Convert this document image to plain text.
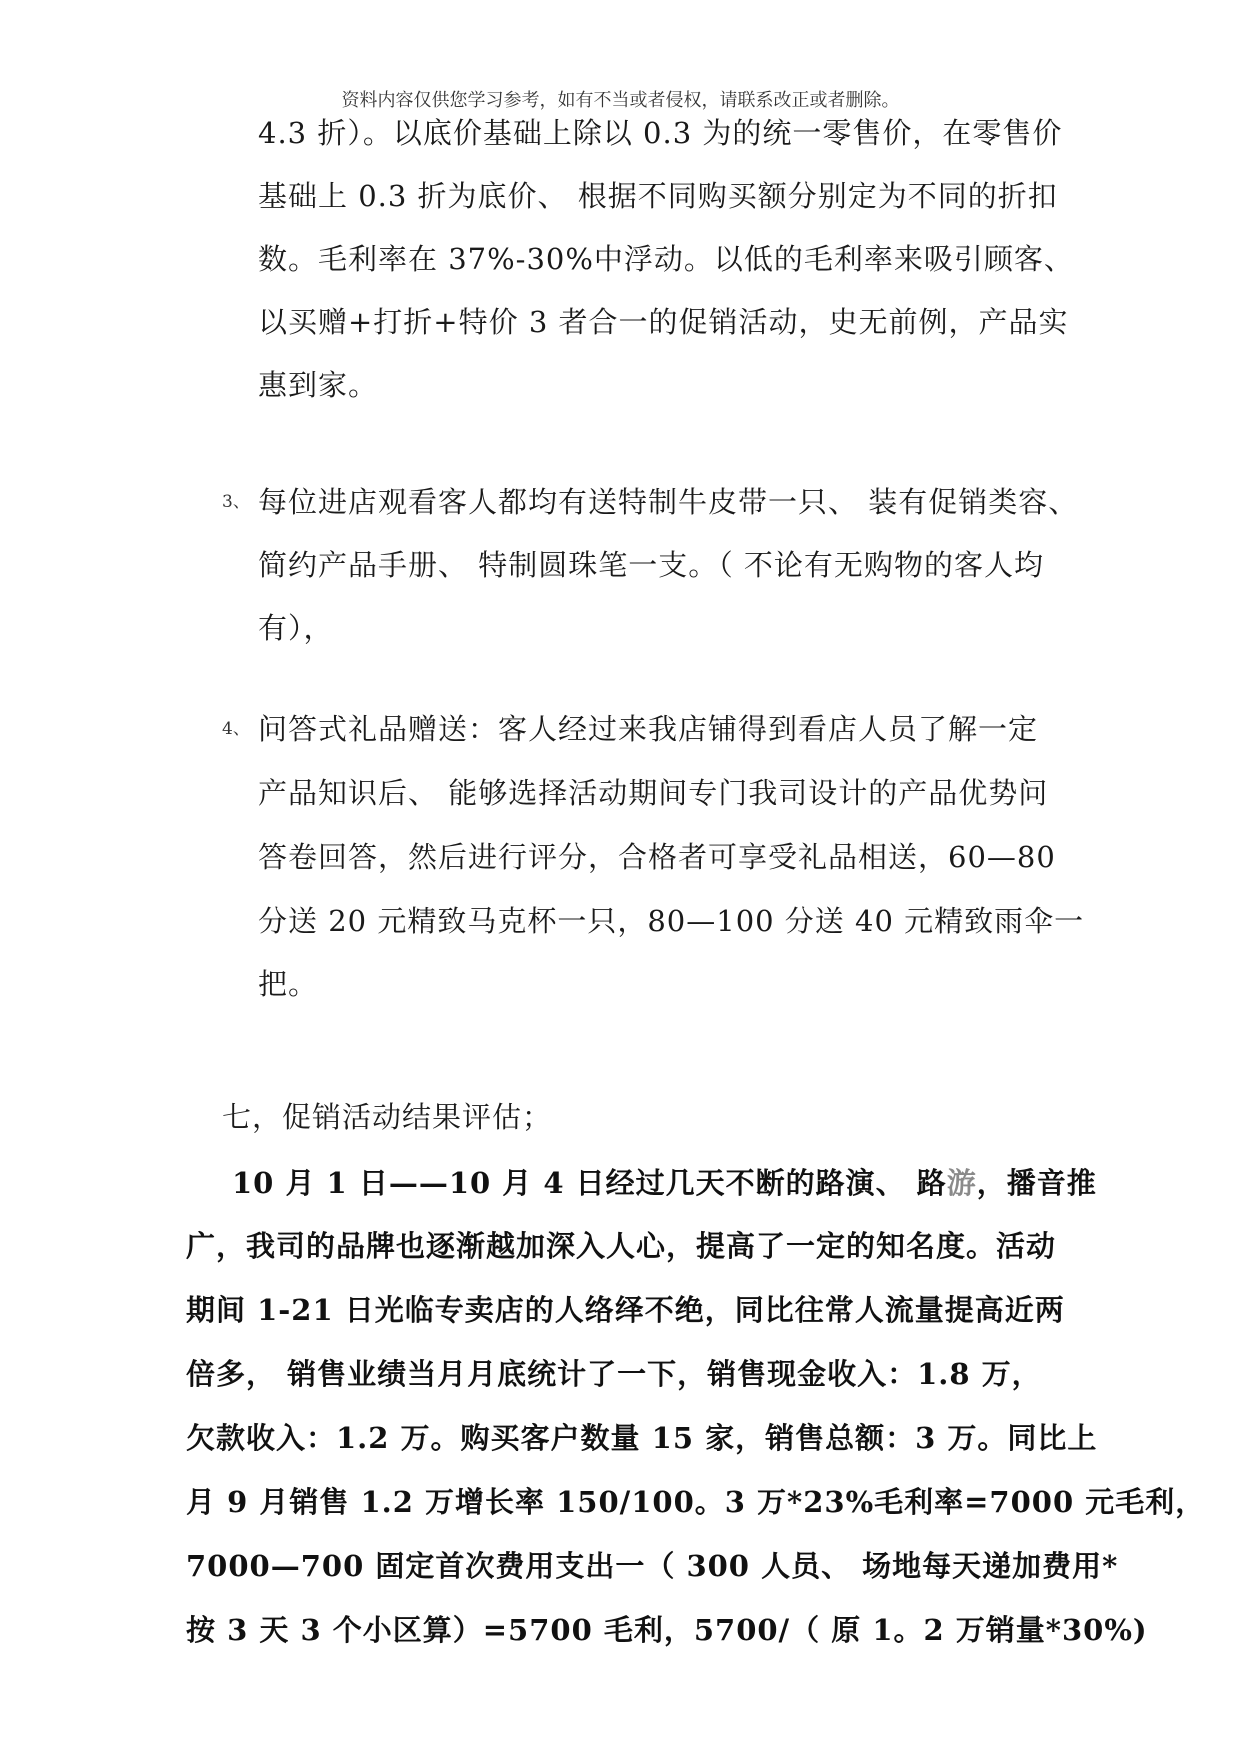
资料内容仅供您学习参考，如有不当或者侵权，请联系改正或者删除。
4.3 折）。以底价基础上除以 0.3 为的统一零售价，在零售价
基础上 0.3 折为底价、 根据不同购买额分别定为不同的折扣
数。毛利率在 37%-30%中浮动。以低的毛利率来吸引顾客、
以买赠+打折+特价 3 者合一的促销活动，史无前例，产品实
惠到家。
3、 每位进店观看客人都均有送特制牛皮带一只、 装有促销类容、
简约产品手册、 特制圆珠笔一支。（ 不论有无购物的客人均
有），
4、 问答式礼品赠送：客人经过来我店铺得到看店人员了解一定
产品知识后、 能够选择活动期间专门我司设计的产品优势问
答卷回答，然后进行评分，合格者可享受礼品相送，60—80
分送 20 元精致马克杯一只，80—100 分送 40 元精致雨伞一
把。
七，促销活动结果评估；
10 月 1 日——10 月 4 日经过几天不断的路演、 路游，播音推
广，我司的品牌也逐渐越加深入人心，提高了一定的知名度。活动
期间 1-21 日光临专卖店的人络绎不绝，同比往常人流量提高近两
倍多， 销售业绩当月月底统计了一下，销售现金收入：1.8 万，
欠款收入：1.2 万。购买客户数量 15 家，销售总额：3 万。同比上
月 9 月销售 1.2 万增长率 150/100。3 万*23%毛利率=7000 元毛利，
7000—700 固定首次费用支出一（ 300 人员、 场地每天递加费用*
按 3 天 3 个小区算）=5700 毛利，5700/（ 原 1。2 万销量*30%)
